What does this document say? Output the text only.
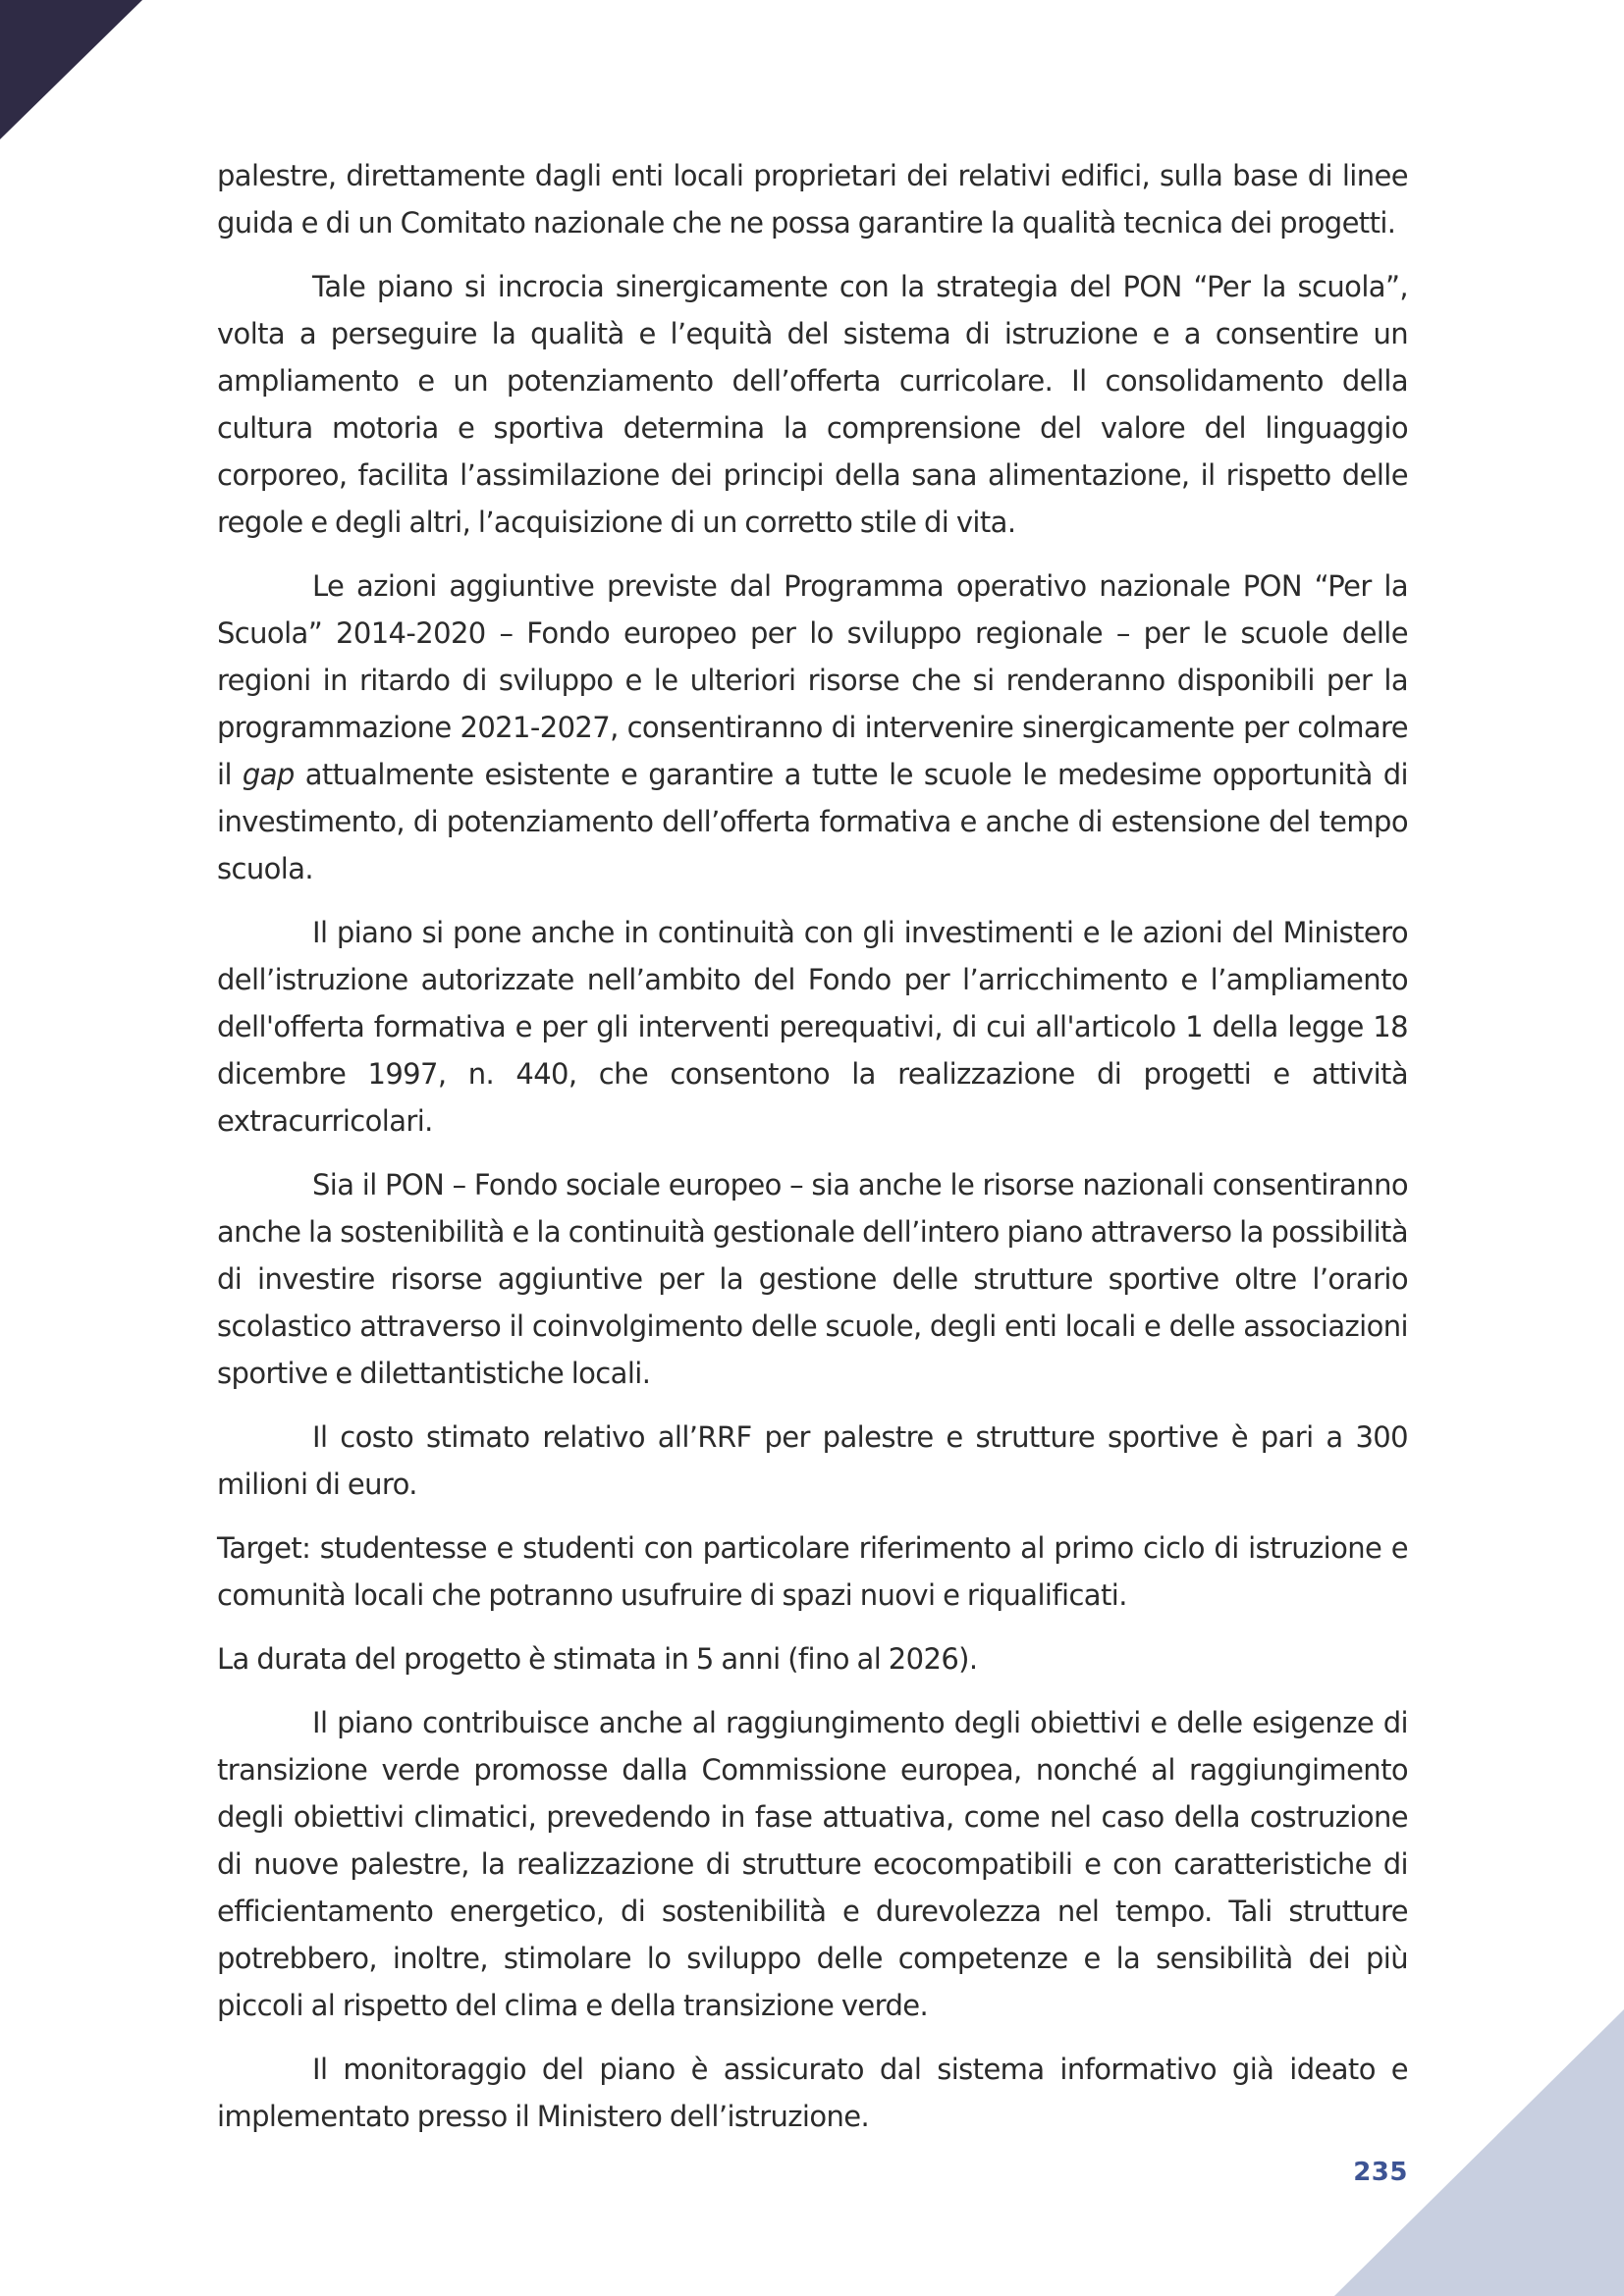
palestre, direttamente dagli enti locali proprietari dei relativi edifici, sulla base di linee guida e di un Comitato nazionale che ne possa garantire la qualità tecnica dei progetti.

Tale piano si incrocia sinergicamente con la strategia del PON “Per la scuola”, volta a perseguire la qualità e l’equità del sistema di istruzione e a consentire un ampliamento e un potenziamento dell’offerta curricolare. Il consolidamento della cultura motoria e sportiva determina la comprensione del valore del linguaggio corporeo, facilita l’assimilazione dei principi della sana alimentazione, il rispetto delle regole e degli altri, l’acquisizione di un corretto stile di vita.

Le azioni aggiuntive previste dal Programma operativo nazionale PON “Per la Scuola” 2014-2020 – Fondo europeo per lo sviluppo regionale – per le scuole delle regioni in ritardo di sviluppo e le ulteriori risorse che si renderanno disponibili per la programmazione 2021-2027, consentiranno di intervenire sinergicamente per colmare il gap attualmente esistente e garantire a tutte le scuole le medesime opportunità di investimento, di potenziamento dell’offerta formativa e anche di estensione del tempo scuola.

Il piano si pone anche in continuità con gli investimenti e le azioni del Ministero dell’istruzione autorizzate nell’ambito del Fondo per l’arricchimento e l’ampliamento dell'offerta formativa e per gli interventi perequativi, di cui all'articolo 1 della legge 18 dicembre 1997, n. 440, che consentono la realizzazione di progetti e attività extracurricolari.

Sia il PON – Fondo sociale europeo – sia anche le risorse nazionali consentiranno anche la sostenibilità e la continuità gestionale dell’intero piano attraverso la possibilità di investire risorse aggiuntive per la gestione delle strutture sportive oltre l’orario scolastico attraverso il coinvolgimento delle scuole, degli enti locali e delle associazioni sportive e dilettantistiche locali.

Il costo stimato relativo all’RRF per palestre e strutture sportive è pari a 300 milioni di euro.

Target: studentesse e studenti con particolare riferimento al primo ciclo di istruzione e comunità locali che potranno usufruire di spazi nuovi e riqualificati.

La durata del progetto è stimata in 5 anni (fino al 2026).

Il piano contribuisce anche al raggiungimento degli obiettivi e delle esigenze di transizione verde promosse dalla Commissione europea, nonché al raggiungimento degli obiettivi climatici, prevedendo in fase attuativa, come nel caso della costruzione di nuove palestre, la realizzazione di strutture ecocompatibili e con caratteristiche di efficientamento energetico, di sostenibilità e durevolezza nel tempo. Tali strutture potrebbero, inoltre, stimolare lo sviluppo delle competenze e la sensibilità dei più piccoli al rispetto del clima e della transizione verde.

Il monitoraggio del piano è assicurato dal sistema informativo già ideato e implementato presso il Ministero dell’istruzione.

235
